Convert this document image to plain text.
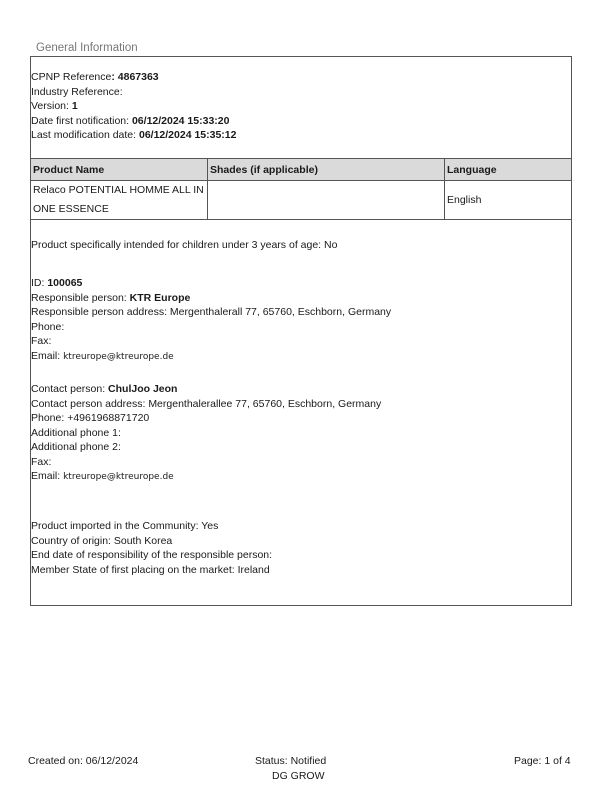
General Information
CPNP Reference: 4867363
Industry Reference:
Version: 1
Date first notification: 06/12/2024 15:33:20
Last modification date: 06/12/2024 15:35:12
Product Name	Shades (if applicable)	Language
Relaco POTENTIAL HOMME ALL IN ONE ESSENCE		English
Product specifically intended for children under 3 years of age: No
ID: 100065
Responsible person: KTR Europe
Responsible person address: Mergenthalerall 77, 65760, Eschborn, Germany
Phone:
Fax:
Email: ktreurope@ktreurope.de
Contact person: ChulJoo Jeon
Contact person address: Mergenthalerallee 77, 65760, Eschborn, Germany
Phone: +4961968871720
Additional phone 1:
Additional phone 2:
Fax:
Email: ktreurope@ktreurope.de
Product imported in the Community: Yes
Country of origin: South Korea
End date of responsibility of the responsible person:
Member State of first placing on the market: Ireland
Created on: 06/12/2024	Status: Notified
DG GROW
Page: 1 of 4
